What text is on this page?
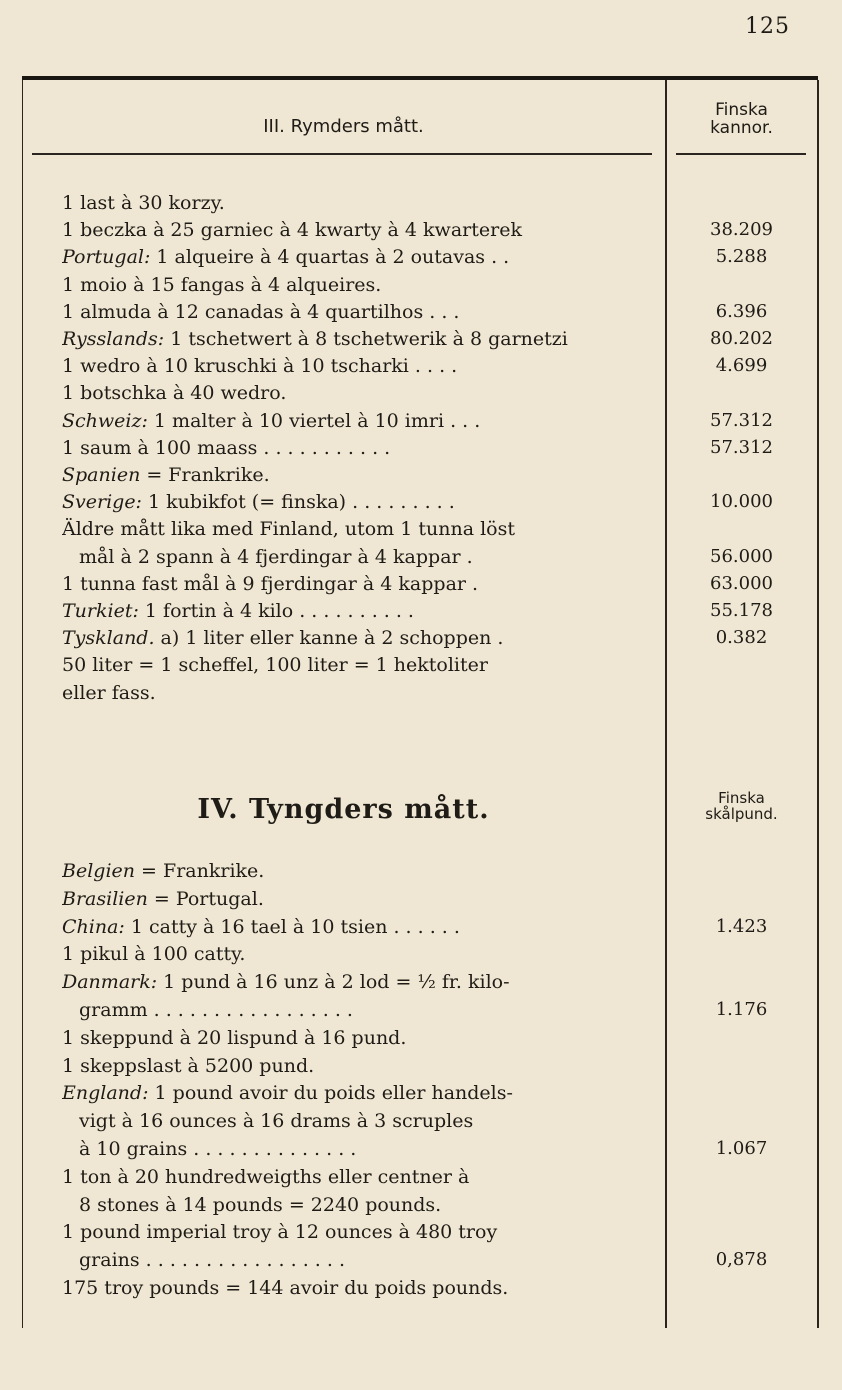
125
III. Rymders mått.
Finska
kannor.
1 last à 30 korzy.
1 beczka à 25 garniec à 4 kwarty à 4 kwarterek	38.209
Portugal: 1 alqueire à 4 quartas à 2 outavas . .	5.288
1 moio à 15 fangas à 4 alqueires.
1 almuda à 12 canadas à 4 quartilhos . . .	6.396
Rysslands: 1 tschetwert à 8 tschetwerik à 8 garnetzi	80.202
1 wedro à 10 kruschki à 10 tscharki . . . .	4.699
1 botschka à 40 wedro.
Schweiz: 1 malter à 10 viertel à 10 imri . . .	57.312
1 saum à 100 maass . . . . . . . . . . .	57.312
Spanien = Frankrike.
Sverige: 1 kubikfot (= finska) . . . . . . . . .	10.000
Äldre mått lika med Finland, utom 1 tunna löst
mål à 2 spann à 4 fjerdingar à 4 kappar .	56.000
1 tunna fast mål à 9 fjerdingar à 4 kappar .	63.000
Turkiet: 1 fortin à 4 kilo . . . . . . . . . .	55.178
Tyskland. a) 1 liter eller kanne à 2 schoppen .	0.382
50 liter = 1 scheffel, 100 liter = 1 hektoliter
eller fass.
IV. Tyngders mått.	Finska
skålpund.
Belgien = Frankrike.
Brasilien = Portugal.
China: 1 catty à 16 tael à 10 tsien . . . . . .	1.423
1 pikul à 100 catty.
Danmark: 1 pund à 16 unz à 2 lod = ½ fr. kilo-
gramm . . . . . . . . . . . . . . . . .	1.176
1 skeppund à 20 lispund à 16 pund.
1 skeppslast à 5200 pund.
England: 1 pound avoir du poids eller handels-
vigt à 16 ounces à 16 drams à 3 scruples
à 10 grains . . . . . . . . . . . . . .	1.067
1 ton à 20 hundredweigths eller centner à
8 stones à 14 pounds = 2240 pounds.
1 pound imperial troy à 12 ounces à 480 troy
grains . . . . . . . . . . . . . . . . .	0,878
175 troy pounds = 144 avoir du poids pounds.
